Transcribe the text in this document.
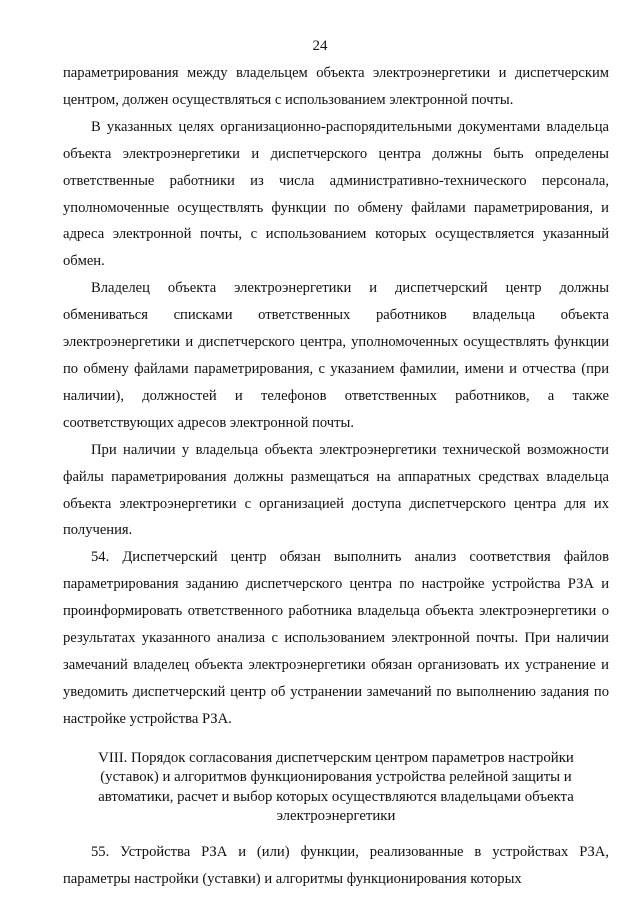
24

параметрирования между владельцем объекта электроэнергетики и диспетчерским центром, должен осуществляться с использованием электронной почты.

В указанных целях организационно-распорядительными документами владельца объекта электроэнергетики и диспетчерского центра должны быть определены ответственные работники из числа административно-технического персонала, уполномоченные осуществлять функции по обмену файлами параметрирования, и адреса электронной почты, с использованием которых осуществляется указанный обмен.

Владелец объекта электроэнергетики и диспетчерский центр должны обмениваться списками ответственных работников владельца объекта электроэнергетики и диспетчерского центра, уполномоченных осуществлять функции по обмену файлами параметрирования, с указанием фамилии, имени и отчества (при наличии), должностей и телефонов ответственных работников, а также соответствующих адресов электронной почты.

При наличии у владельца объекта электроэнергетики технической возможности файлы параметрирования должны размещаться на аппаратных средствах владельца объекта электроэнергетики с организацией доступа диспетчерского центра для их получения.

54. Диспетчерский центр обязан выполнить анализ соответствия файлов параметрирования заданию диспетчерского центра по настройке устройства РЗА и проинформировать ответственного работника владельца объекта электроэнергетики о результатах указанного анализа с использованием электронной почты. При наличии замечаний владелец объекта электроэнергетики обязан организовать их устранение и уведомить диспетчерский центр об устранении замечаний по выполнению задания по настройке устройства РЗА.

VIII. Порядок согласования диспетчерским центром параметров настройки (уставок) и алгоритмов функционирования устройства релейной защиты и автоматики, расчет и выбор которых осуществляются владельцами объекта электроэнергетики

55. Устройства РЗА и (или) функции, реализованные в устройствах РЗА, параметры настройки (уставки) и алгоритмы функционирования которых
